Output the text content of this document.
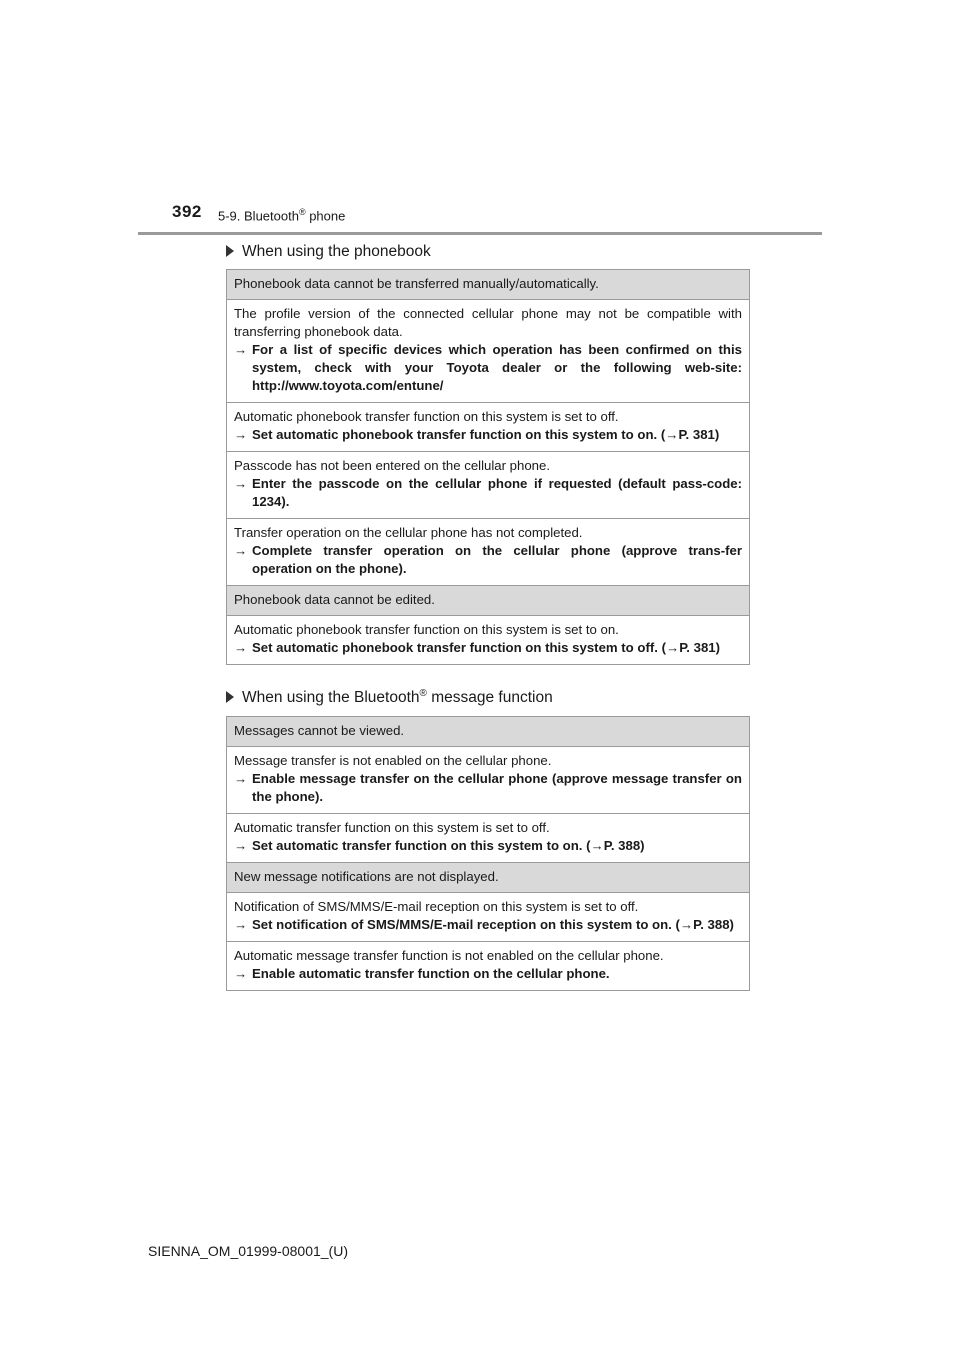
392 5-9. Bluetooth® phone
When using the phonebook
Phonebook data cannot be transferred manually/automatically.

The profile version of the connected cellular phone may not be compatible with transferring phonebook data.
→ For a list of specific devices which operation has been confirmed on this system, check with your Toyota dealer or the following web-site: http://www.toyota.com/entune/

Automatic phonebook transfer function on this system is set to off.
→ Set automatic phonebook transfer function on this system to on. (→P. 381)

Passcode has not been entered on the cellular phone.
→ Enter the passcode on the cellular phone if requested (default pass-code: 1234).

Transfer operation on the cellular phone has not completed.
→ Complete transfer operation on the cellular phone (approve trans-fer operation on the phone).

Phonebook data cannot be edited.

Automatic phonebook transfer function on this system is set to on.
→ Set automatic phonebook transfer function on this system to off. (→P. 381)
When using the Bluetooth® message function
Messages cannot be viewed.

Message transfer is not enabled on the cellular phone.
→ Enable message transfer on the cellular phone (approve message transfer on the phone).

Automatic transfer function on this system is set to off.
→ Set automatic transfer function on this system to on. (→P. 388)

New message notifications are not displayed.

Notification of SMS/MMS/E-mail reception on this system is set to off.
→ Set notification of SMS/MMS/E-mail reception on this system to on. (→P. 388)

Automatic message transfer function is not enabled on the cellular phone.
→ Enable automatic transfer function on the cellular phone.
SIENNA_OM_01999-08001_(U)
